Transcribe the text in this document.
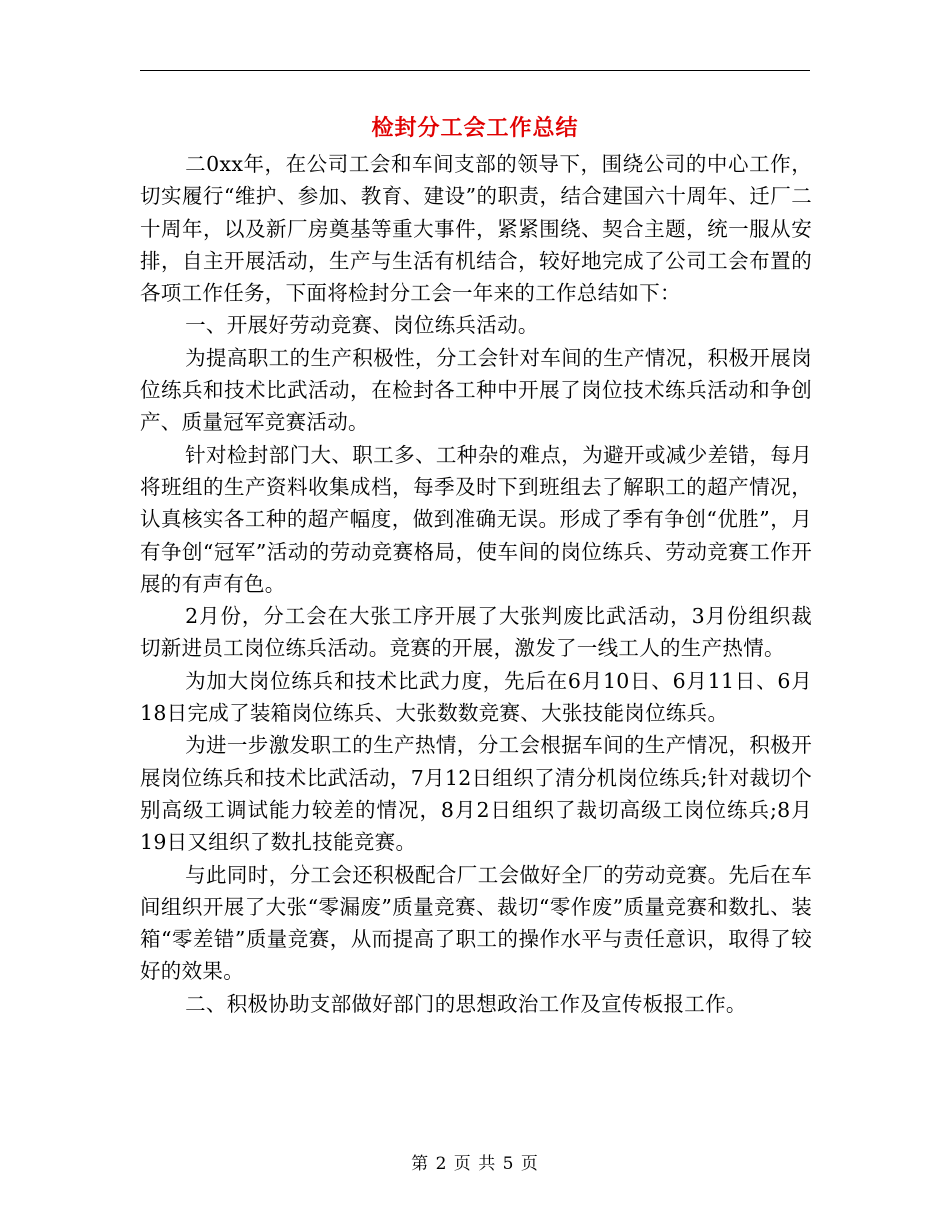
检封分工会工作总结

二0xx年，在公司工会和车间支部的领导下，围绕公司的中心工作，切实履行“维护、参加、教育、建设”的职责，结合建国六十周年、迁厂二十周年，以及新厂房奠基等重大事件，紧紧围绕、契合主题，统一服从安排，自主开展活动，生产与生活有机结合，较好地完成了公司工会布置的各项工作任务，下面将检封分工会一年来的工作总结如下：

一、开展好劳动竞赛、岗位练兵活动。

为提高职工的生产积极性，分工会针对车间的生产情况，积极开展岗位练兵和技术比武活动，在检封各工种中开展了岗位技术练兵活动和争创产、质量冠军竞赛活动。

针对检封部门大、职工多、工种杂的难点，为避开或减少差错，每月将班组的生产资料收集成档，每季及时下到班组去了解职工的超产情况，认真核实各工种的超产幅度，做到准确无误。形成了季有争创“优胜”，月有争创“冠军”活动的劳动竞赛格局，使车间的岗位练兵、劳动竞赛工作开展的有声有色。

2月份，分工会在大张工序开展了大张判废比武活动，3月份组织裁切新进员工岗位练兵活动。竞赛的开展，激发了一线工人的生产热情。

为加大岗位练兵和技术比武力度，先后在6月10日、6月11日、6月18日完成了装箱岗位练兵、大张数数竞赛、大张技能岗位练兵。

为进一步激发职工的生产热情，分工会根据车间的生产情况，积极开展岗位练兵和技术比武活动，7月12日组织了清分机岗位练兵;针对裁切个别高级工调试能力较差的情况，8月2日组织了裁切高级工岗位练兵;8月19日又组织了数扎技能竞赛。

与此同时，分工会还积极配合厂工会做好全厂的劳动竞赛。先后在车间组织开展了大张“零漏废”质量竞赛、裁切“零作废”质量竞赛和数扎、装箱“零差错”质量竞赛，从而提高了职工的操作水平与责任意识，取得了较好的效果。

二、积极协助支部做好部门的思想政治工作及宣传板报工作。

第 2 页 共 5 页
